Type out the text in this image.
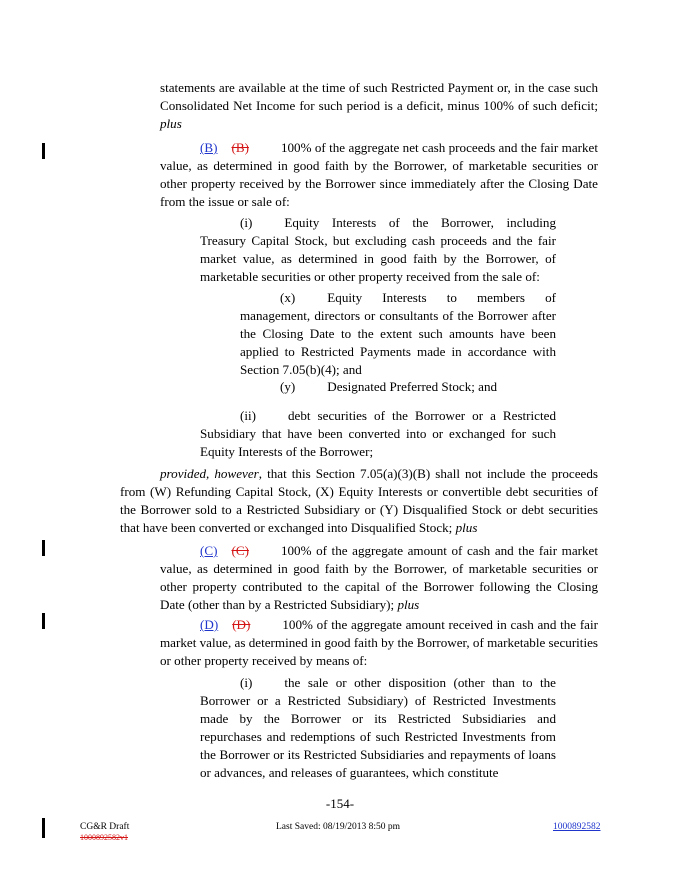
statements are available at the time of such Restricted Payment or, in the case such Consolidated Net Income for such period is a deficit, minus 100% of such deficit; plus

(B) (B) 100% of the aggregate net cash proceeds and the fair market value, as determined in good faith by the Borrower, of marketable securities or other property received by the Borrower since immediately after the Closing Date from the issue or sale of:

(i) Equity Interests of the Borrower, including Treasury Capital Stock, but excluding cash proceeds and the fair market value, as determined in good faith by the Borrower, of marketable securities or other property received from the sale of:

(x) Equity Interests to members of management, directors or consultants of the Borrower after the Closing Date to the extent such amounts have been applied to Restricted Payments made in accordance with Section 7.05(b)(4); and

(y) Designated Preferred Stock; and

(ii) debt securities of the Borrower or a Restricted Subsidiary that have been converted into or exchanged for such Equity Interests of the Borrower;

provided, however, that this Section 7.05(a)(3)(B) shall not include the proceeds from (W) Refunding Capital Stock, (X) Equity Interests or convertible debt securities of the Borrower sold to a Restricted Subsidiary or (Y) Disqualified Stock or debt securities that have been converted or exchanged into Disqualified Stock; plus

(C) (C) 100% of the aggregate amount of cash and the fair market value, as determined in good faith by the Borrower, of marketable securities or other property contributed to the capital of the Borrower following the Closing Date (other than by a Restricted Subsidiary); plus

(D) (D) 100% of the aggregate amount received in cash and the fair market value, as determined in good faith by the Borrower, of marketable securities or other property received by means of:

(i) the sale or other disposition (other than to the Borrower or a Restricted Subsidiary) of Restricted Investments made by the Borrower or its Restricted Subsidiaries and repurchases and redemptions of such Restricted Investments from the Borrower or its Restricted Subsidiaries and repayments of loans or advances, and releases of guarantees, which constitute

-154-
CG&R Draft
1000892582v1
Last Saved: 08/19/2013 8:50 pm	1000892582
